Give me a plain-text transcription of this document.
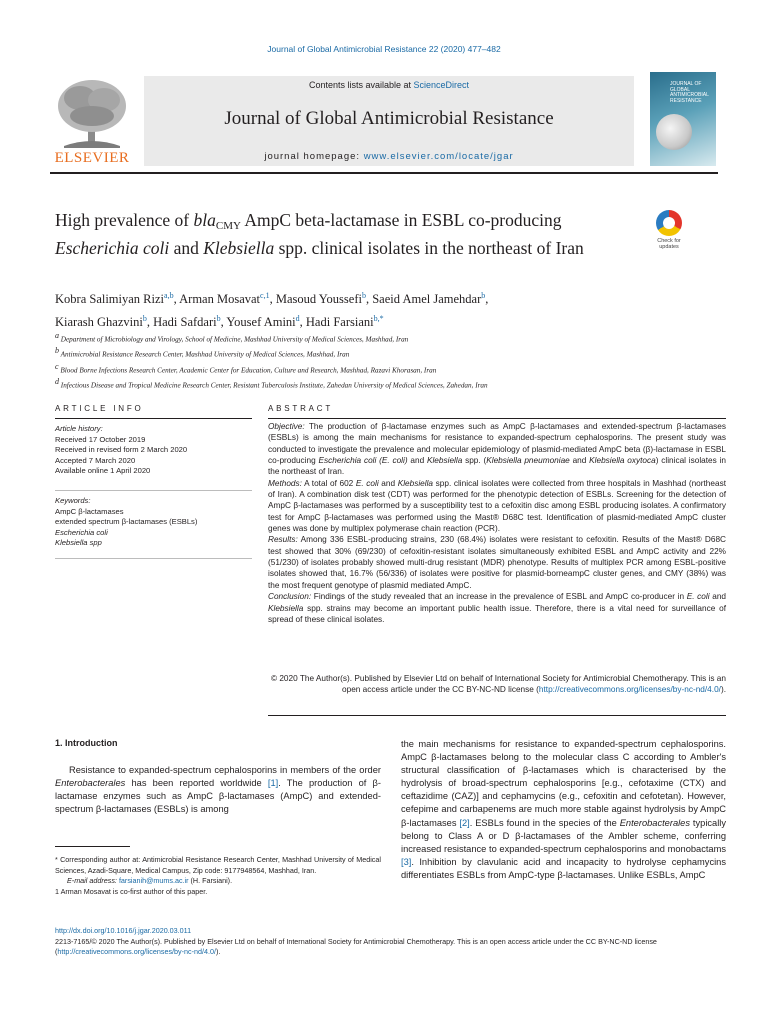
Journal of Global Antimicrobial Resistance 22 (2020) 477–482
ELSEVIER
Contents lists available at ScienceDirect
Journal of Global Antimicrobial Resistance
journal homepage: www.elsevier.com/locate/jgar
JOURNAL OF GLOBAL ANTIMICROBIAL RESISTANCE
High prevalence of blaCMY AmpC beta-lactamase in ESBL co-producing Escherichia coli and Klebsiella spp. clinical isolates in the northeast of Iran	Check for updates
Kobra Salimiyan Rizi$^{a,b}$, Arman Mosavat$^{c,1}$, Masoud Youssefi$^b$, Saeid Amel Jamehdar$^b$,
Kiarash Ghazvini$^b$, Hadi Safdari$^b$, Yousef Amini$^d$, Hadi Farsiani$^{b,*}$
$^a$ Department of Microbiology and Virology, School of Medicine, Mashhad University of Medical Sciences, Mashhad, Iran
$^b$ Antimicrobial Resistance Research Center, Mashhad University of Medical Sciences, Mashhad, Iran
$^c$ Blood Borne Infections Research Center, Academic Center for Education, Culture and Research, Mashhad, Razavi Khorasan, Iran
$^d$ Infectious Disease and Tropical Medicine Research Center, Resistant Tuberculosis Institute, Zahedan University of Medical Sciences, Zahedan, Iran
ARTICLE INFO	ABSTRACT
Article history:
Received 17 October 2019
Received in revised form 2 March 2020
Accepted 7 March 2020
Available online 1 April 2020
Keywords:
AmpC β-lactamases
extended spectrum β-lactamases (ESBLs)
Escherichia coli
Klebsiella spp

Objective: The production of β-lactamase enzymes such as AmpC β-lactamases and extended-spectrum β-lactamases (ESBLs) is among the main mechanisms for resistance to expanded-spectrum cephalosporins. The present study was conducted to investigate the prevalence and molecular epidemiology of plasmid-mediated AmpC beta (β)-lactamase in ESBL co-producing Escherichia coli (E. coli) and Klebsiella spp. (Klebsiella pneumoniae and Klebsiella oxytoca) clinical isolates in the northeast of Iran.

Methods: A total of 602 E. coli and Klebsiella spp. clinical isolates were collected from three hospitals in Mashhad (northeast of Iran). A combination disk test (CDT) was performed for the phenotypic detection of ESBLs. Screening for the detection of AmpC β-lactamases was performed by a susceptibility test to a cefoxitin disc among ESBL producing isolates. A confirmatory test for AmpC β-lactamases was performed using the Mast® D68C test. Identification of plasmid-mediated AmpC cluster genes was done by multiplex polymerase chain reaction (PCR).

Results: Among 336 ESBL-producing strains, 230 (68.4%) isolates were resistant to cefoxitin. Results of the Mast® D68C test showed that 30% (69/230) of cefoxitin-resistant isolates simultaneously exhibited ESBL and AmpC activity and 22% (51/230) of isolates probably showed multi-drug resistant (MDR) phenotype. Results of multiplex PCR among ESBL-positive isolates showed that, 16.7% (56/336) of isolates were positive for plasmid-borneampC cluster genes, and CMY (38%) was the most frequent genotype of plasmid mediated AmpC.

Conclusion: Findings of the study revealed that an increase in the prevalence of ESBL and AmpC co-producer in E. coli and Klebsiella spp. strains may become an important public health issue. Therefore, there is a vital need for surveillance of spread of these clinical isolates.

© 2020 The Author(s). Published by Elsevier Ltd on behalf of International Society for Antimicrobial Chemotherapy. This is an open access article under the CC BY-NC-ND license (http://creativecommons.org/licenses/by-nc-nd/4.0/).
1. Introduction
Resistance to expanded-spectrum cephalosporins in members of the order Enterobacterales has been reported worldwide [1]. The production of β-lactamase enzymes such as AmpC β-lactamases (AmpC) and extended-spectrum β-lactamases (ESBLs) is among
the main mechanisms for resistance to expanded-spectrum cephalosporins. AmpC β-lactamases belong to the molecular class C according to Ambler's structural classification of β-lactamases which is characterised by the hydrolysis of broad-spectrum cephalosporins [e.g., cefotaxime (CTX) and ceftazidime (CAZ)] and cephamycins (e.g., cefoxitin and cefotetan). However, cefepime and carbapenems are much more stable against hydrolysis by AmpC β-lactamases [2]. ESBLs found in the species of the Enterobacterales typically belong to Class A or D β-lactamases of the Ambler scheme, conferring increased resistance to expanded-spectrum cephalosporins and monobactams [3]. Inhibition by clavulanic acid and incapacity to hydrolyse cephamycins differentiates ESBLs from AmpC-type β-lactamases. Unlike ESBLs, AmpC
* Corresponding author at: Antimicrobial Resistance Research Center, Mashhad University of Medical Sciences, Azadi-Square, Medical Campus, Zip code: 9177948564, Mashhad, Iran.
E-mail address: farsianih@mums.ac.ir (H. Farsiani).
1 Arman Mosavat is co-first author of this paper.
http://dx.doi.org/10.1016/j.jgar.2020.03.011
2213-7165/© 2020 The Author(s). Published by Elsevier Ltd on behalf of International Society for Antimicrobial Chemotherapy. This is an open access article under the CC BY-NC-ND license (http://creativecommons.org/licenses/by-nc-nd/4.0/).
